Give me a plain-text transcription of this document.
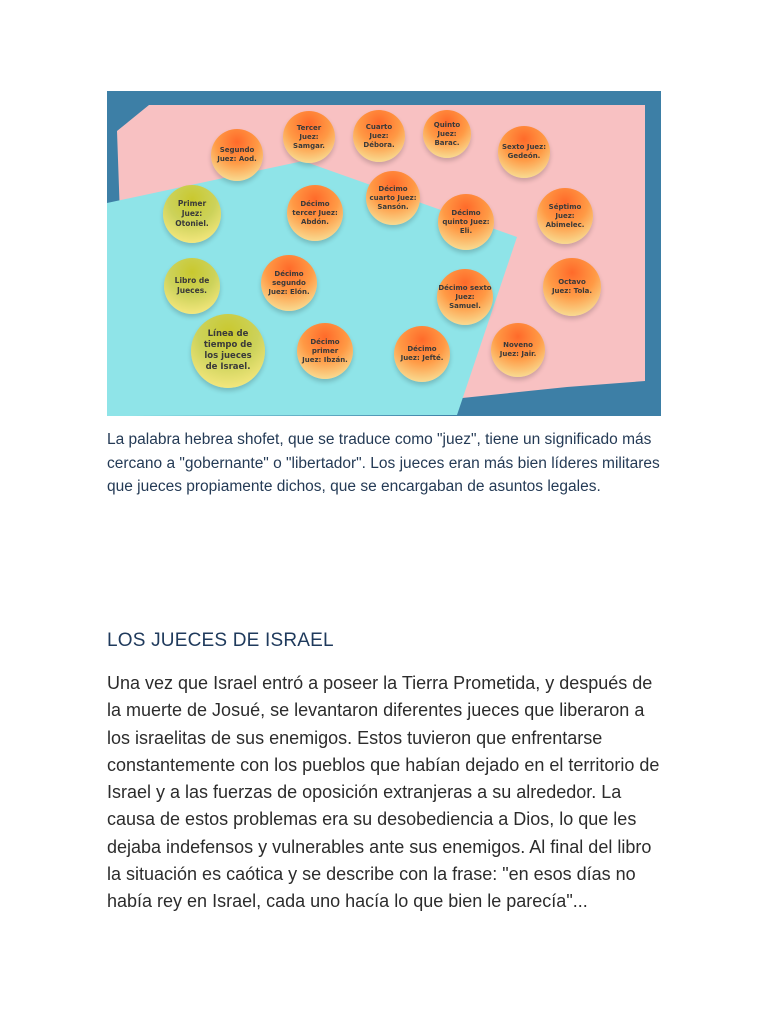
Tercer
Juez:
Samgar.
Cuarto
Juez:
Débora.
Quinto
Juez:
Barac.
Segundo
Juez: Aod.
Sexto Juez:
Gedeón.
Décimo
cuarto Juez:
Sansón.
Primer
Juez:
Otoniel.
Décimo
tercer Juez:
Abdón.
Décimo
quinto Juez:
Eli.
Séptimo
Juez:
Abimelec.
Libro de
Jueces.
Décimo
segundo
Juez: Elón.	Décimo sexto
Juez:
Samuel.
Octavo
Juez: Tola.
Línea de
tiempo de
los jueces
de Israel.
Décimo
primer
Juez: Ibzán.
Décimo
Juez: Jefté.
Noveno
Juez: Jair.

La palabra hebrea shofet, que se traduce como "juez", tiene un significado más cercano a "gobernante" o "libertador". Los jueces eran más bien líderes militares que jueces propiamente dichos, que se encargaban de asuntos legales.

LOS JUECES DE ISRAEL

Una vez que Israel entró a poseer la Tierra Prometida, y después de la muerte de Josué, se levantaron diferentes jueces que liberaron a los israelitas de sus enemigos. Estos tuvieron que enfrentarse constantemente con los pueblos que habían dejado en el territorio de Israel y a las fuerzas de oposición extranjeras a su alrededor. La causa de estos problemas era su desobediencia a Dios, lo que les dejaba indefensos y vulnerables ante sus enemigos. Al final del libro la situación es caótica y se describe con la frase: "en esos días no había rey en Israel, cada uno hacía lo que bien le parecía"...
